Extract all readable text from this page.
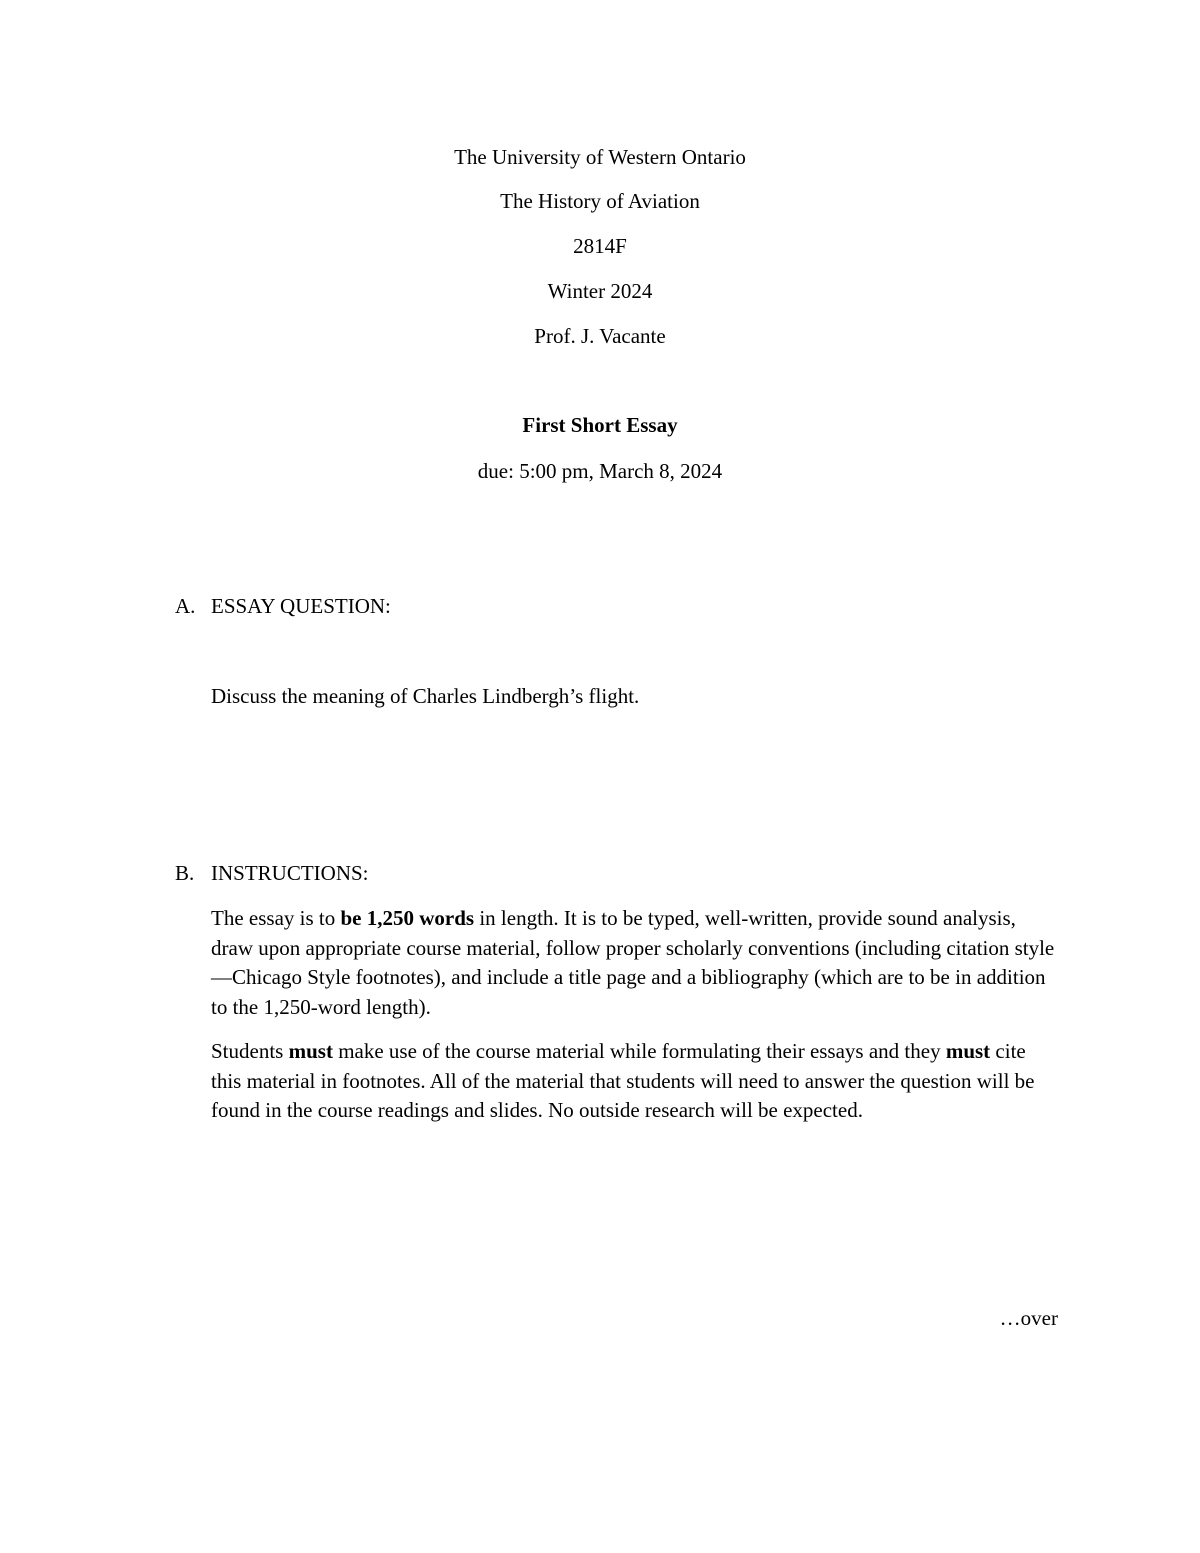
The University of Western Ontario
The History of Aviation
2814F
Winter 2024
Prof. J. Vacante
First Short Essay
due: 5:00 pm, March 8, 2024
A. ESSAY QUESTION:

Discuss the meaning of Charles Lindbergh’s flight.

B. INSTRUCTIONS:

The essay is to be 1,250 words in length. It is to be typed, well-written, provide sound analysis, draw upon appropriate course material, follow proper scholarly conventions (including citation style—Chicago Style footnotes), and include a title page and a bibliography (which are to be in addition to the 1,250-word length).

Students must make use of the course material while formulating their essays and they must cite this material in footnotes. All of the material that students will need to answer the question will be found in the course readings and slides. No outside research will be expected.

…over
